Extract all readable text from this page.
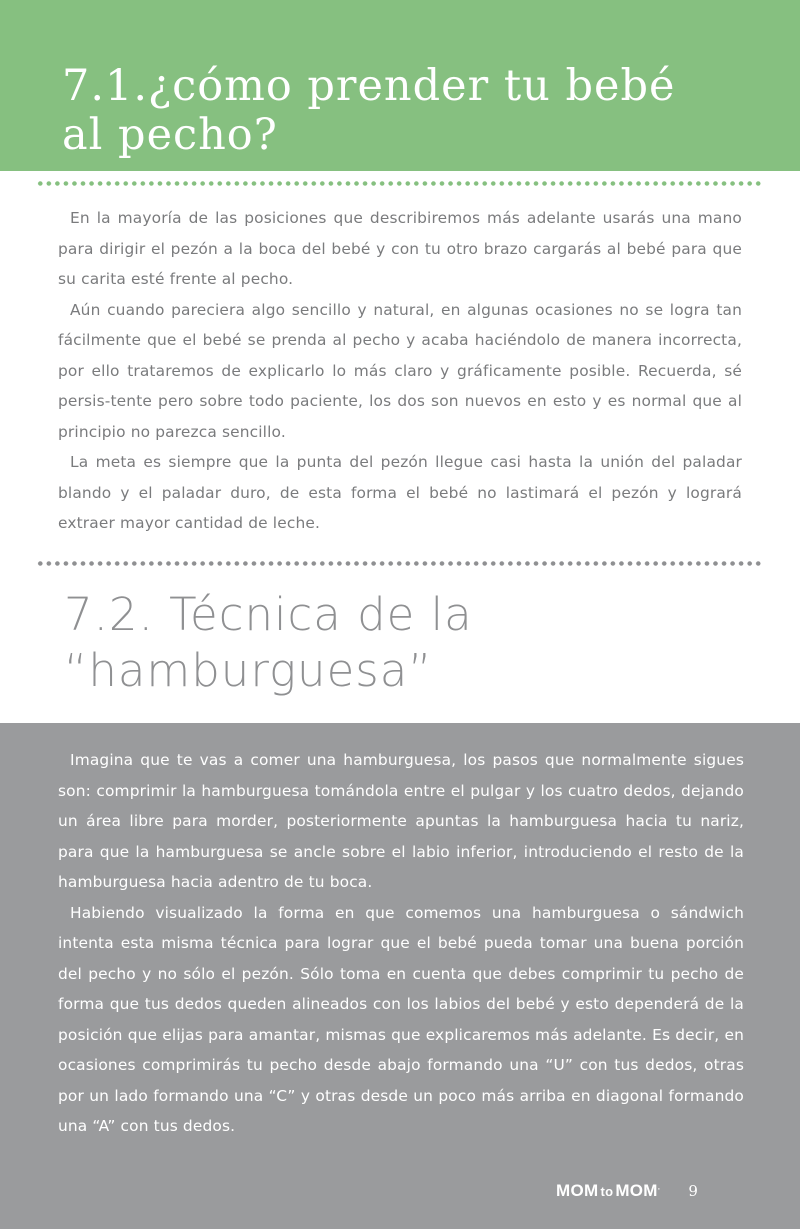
7.1.¿cómo prender tu bebé
al pecho?

En la mayoría de las posiciones que describiremos más adelante usarás una mano para dirigir el pezón a la boca del bebé y con tu otro brazo cargarás al bebé para que su carita esté frente al pecho.

Aún cuando pareciera algo sencillo y natural, en algunas ocasiones no se logra tan fácilmente que el bebé se prenda al pecho y acaba haciéndolo de manera incorrecta, por ello trataremos de explicarlo lo más claro y gráficamente posible. Recuerda, sé persis-tente pero sobre todo paciente, los dos son nuevos en esto y es normal que al principio no parezca sencillo.

La meta es siempre que la punta del pezón llegue casi hasta la unión del paladar blando y el paladar duro, de esta forma el bebé no lastimará el pezón y logrará extraer mayor cantidad de leche.

7.2. Técnica de la
“hamburguesa”

Imagina que te vas a comer una hamburguesa, los pasos que normalmente sigues son: comprimir la hamburguesa tomándola entre el pulgar y los cuatro dedos, dejando un área libre para morder, posteriormente apuntas la hamburguesa hacia tu nariz, para que la hamburguesa se ancle sobre el labio inferior, introduciendo el resto de la hamburguesa hacia adentro de tu boca.

Habiendo visualizado la forma en que comemos una hamburguesa o sándwich intenta esta misma técnica para lograr que el bebé pueda tomar una buena porción del pecho y no sólo el pezón. Sólo toma en cuenta que debes comprimir tu pecho de forma que tus dedos queden alineados con los labios del bebé y esto dependerá de la posición que elijas para amantar, mismas que explicaremos más adelante. Es decir, en ocasiones comprimirás tu pecho desde abajo formando una “U” con tus dedos, otras por un lado formando una “C” y otras desde un poco más arriba en diagonal formando una “A” con tus dedos.

MOM to MOM. 9
